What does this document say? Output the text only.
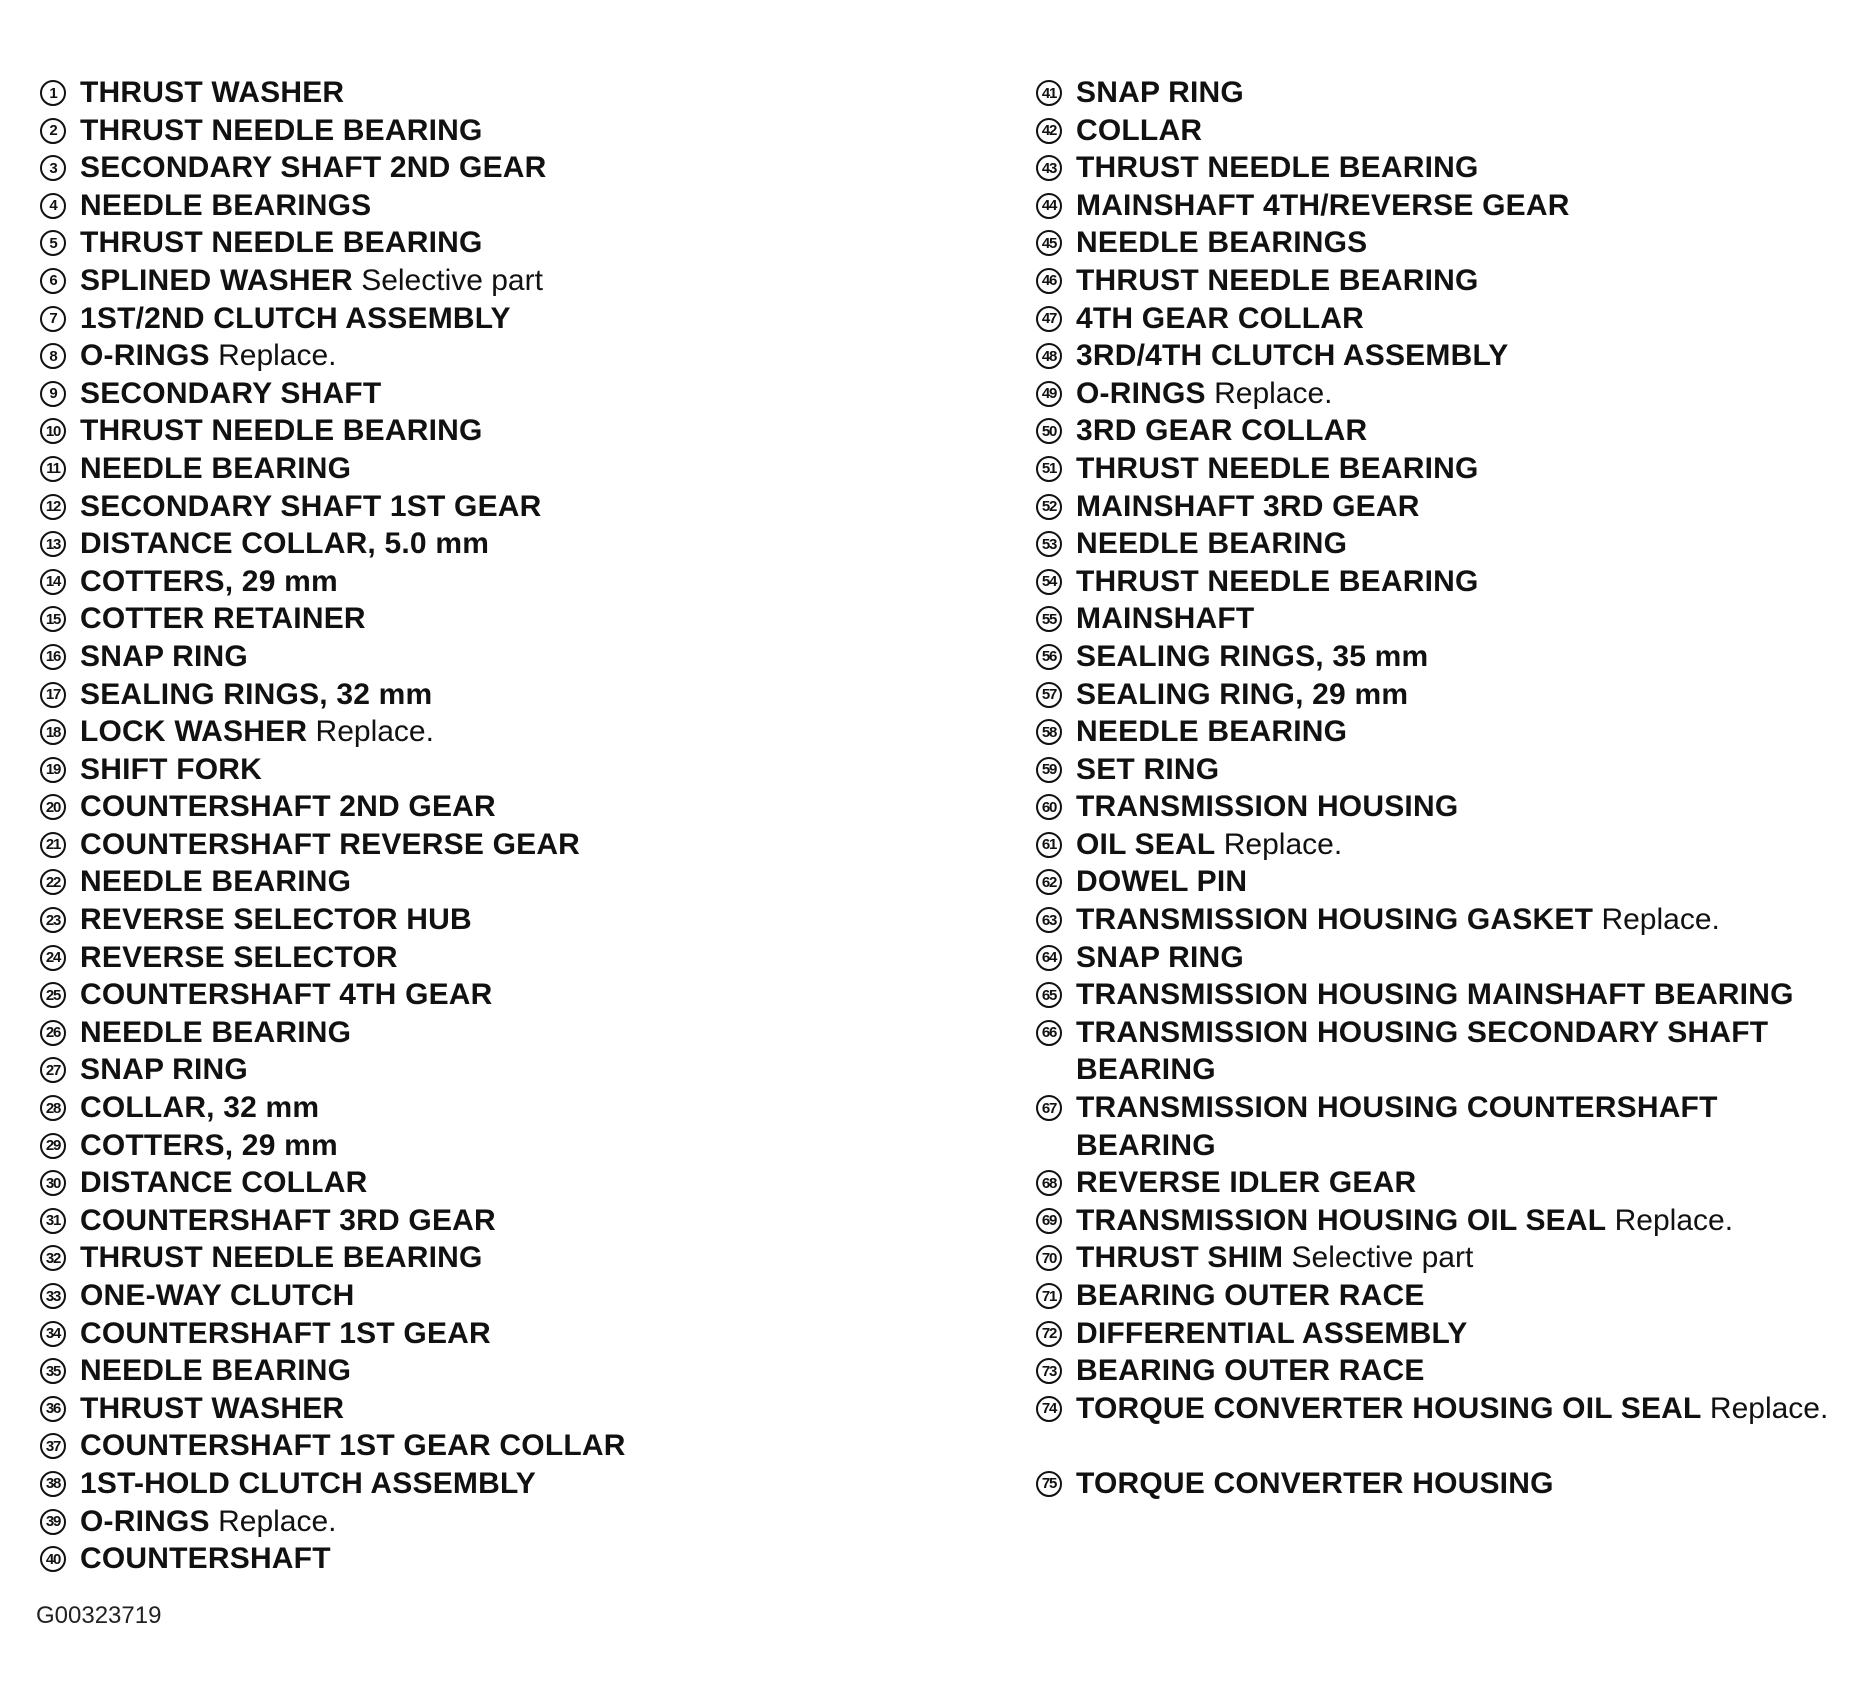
1 THRUST WASHER
2 THRUST NEEDLE BEARING
3 SECONDARY SHAFT 2ND GEAR
4 NEEDLE BEARINGS
5 THRUST NEEDLE BEARING
6 SPLINED WASHER Selective part
7 1ST/2ND CLUTCH ASSEMBLY
8 O-RINGS Replace.
9 SECONDARY SHAFT
10 THRUST NEEDLE BEARING
11 NEEDLE BEARING
12 SECONDARY SHAFT 1ST GEAR
13 DISTANCE COLLAR, 5.0 mm
14 COTTERS, 29 mm
15 COTTER RETAINER
16 SNAP RING
17 SEALING RINGS, 32 mm
18 LOCK WASHER Replace.
19 SHIFT FORK
20 COUNTERSHAFT 2ND GEAR
21 COUNTERSHAFT REVERSE GEAR
22 NEEDLE BEARING
23 REVERSE SELECTOR HUB
24 REVERSE SELECTOR
25 COUNTERSHAFT 4TH GEAR
26 NEEDLE BEARING
27 SNAP RING
28 COLLAR, 32 mm
29 COTTERS, 29 mm
30 DISTANCE COLLAR
31 COUNTERSHAFT 3RD GEAR
32 THRUST NEEDLE BEARING
33 ONE-WAY CLUTCH
34 COUNTERSHAFT 1ST GEAR
35 NEEDLE BEARING
36 THRUST WASHER
37 COUNTERSHAFT 1ST GEAR COLLAR
38 1ST-HOLD CLUTCH ASSEMBLY
39 O-RINGS Replace.
40 COUNTERSHAFT
41 SNAP RING
42 COLLAR
43 THRUST NEEDLE BEARING
44 MAINSHAFT 4TH/REVERSE GEAR
45 NEEDLE BEARINGS
46 THRUST NEEDLE BEARING
47 4TH GEAR COLLAR
48 3RD/4TH CLUTCH ASSEMBLY
49 O-RINGS Replace.
50 3RD GEAR COLLAR
51 THRUST NEEDLE BEARING
52 MAINSHAFT 3RD GEAR
53 NEEDLE BEARING
54 THRUST NEEDLE BEARING
55 MAINSHAFT
56 SEALING RINGS, 35 mm
57 SEALING RING, 29 mm
58 NEEDLE BEARING
59 SET RING
60 TRANSMISSION HOUSING
61 OIL SEAL Replace.
62 DOWEL PIN
63 TRANSMISSION HOUSING GASKET Replace.
64 SNAP RING
65 TRANSMISSION HOUSING MAINSHAFT BEARING
66 TRANSMISSION HOUSING SECONDARY SHAFT BEARING
67 TRANSMISSION HOUSING COUNTERSHAFT BEARING
68 REVERSE IDLER GEAR
69 TRANSMISSION HOUSING OIL SEAL Replace.
70 THRUST SHIM Selective part
71 BEARING OUTER RACE
72 DIFFERENTIAL ASSEMBLY
73 BEARING OUTER RACE
74 TORQUE CONVERTER HOUSING OIL SEAL Replace.
75 TORQUE CONVERTER HOUSING
G00323719
